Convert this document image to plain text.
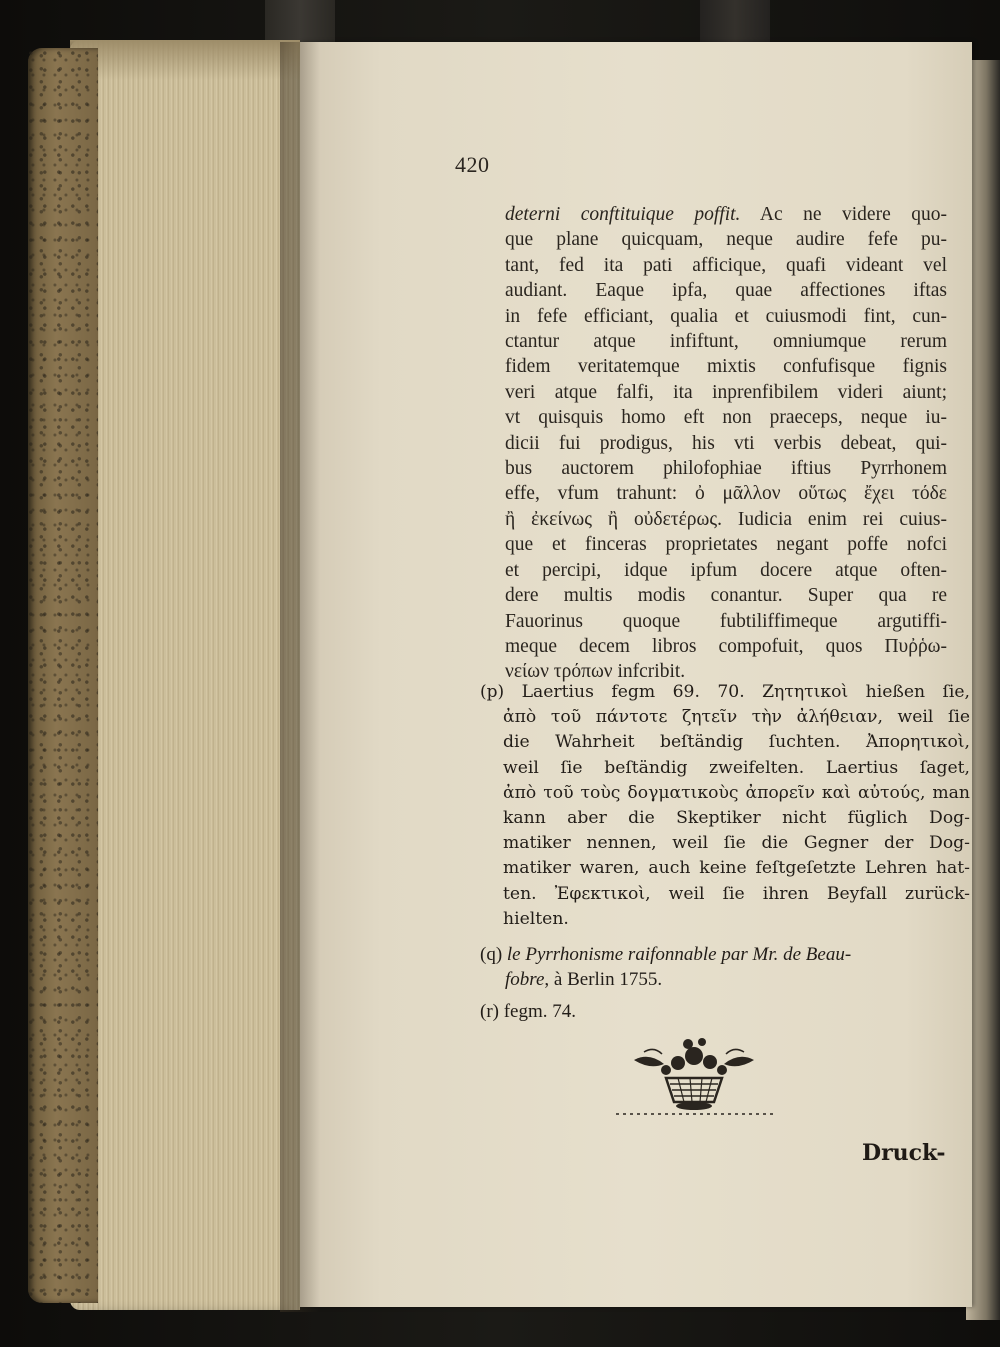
420

deterni conftituique poffit. Ac ne videre quo-

que plane quicquam, neque audire fefe pu-

tant, fed ita pati afficique, quafi videant vel

audiant. Eaque ipfa, quae affectiones iftas

in fefe efficiant, qualia et cuiusmodi fint, cun-

ctantur atque infiftunt, omniumque rerum

fidem veritatemque mixtis confufisque fignis

veri atque falfi, ita inprenfibilem videri aiunt;

vt quisquis homo eft non praeceps, neque iu-

dicii fui prodigus, his vti verbis debeat, qui-

bus auctorem philofophiae iftius Pyrrhonem

effe, vfum trahunt: ὀ μᾶλλον οὕτως ἔχει τόδε

ἢ ἐκείνως ἢ οὐδετέρως. Iudicia enim rei cuius-

que et finceras proprietates negant poffe nofci

et percipi, idque ipfum docere atque often-

dere multis modis conantur. Super qua re

Fauorinus quoque fubtiliffimeque argutiffi-

meque decem libros compofuit, quos Πυῤῥω-

νείων τρόπων infcribit.

(p) Laertius fegm 69. 70. Ζητητικοὶ hießen ſie,

ἀπὸ τοῦ πάντοτε ζητεῖν τὴν ἀλήθειαν, weil ſie

die Wahrheit beſtändig ſuchten. Ἀπορητικοὶ,

weil ſie beſtändig zweifelten. Laertius ſaget,

ἀπὸ τοῦ τοὺς δογματικοὺς ἀπορεῖν καὶ αὐτούς, man

kann aber die Skeptiker nicht füglich Dog-

matiker nennen, weil ſie die Gegner der Dog-

matiker waren, auch keine feſtgeſetzte Lehren hat-

ten. Ἐφεκτικοὶ, weil ſie ihren Beyfall zurück-

hielten.

(q) le Pyrrhonisme raifonnable par Mr. de Beau-

fobre, à Berlin 1755.

(r) fegm. 74.
Druck-
